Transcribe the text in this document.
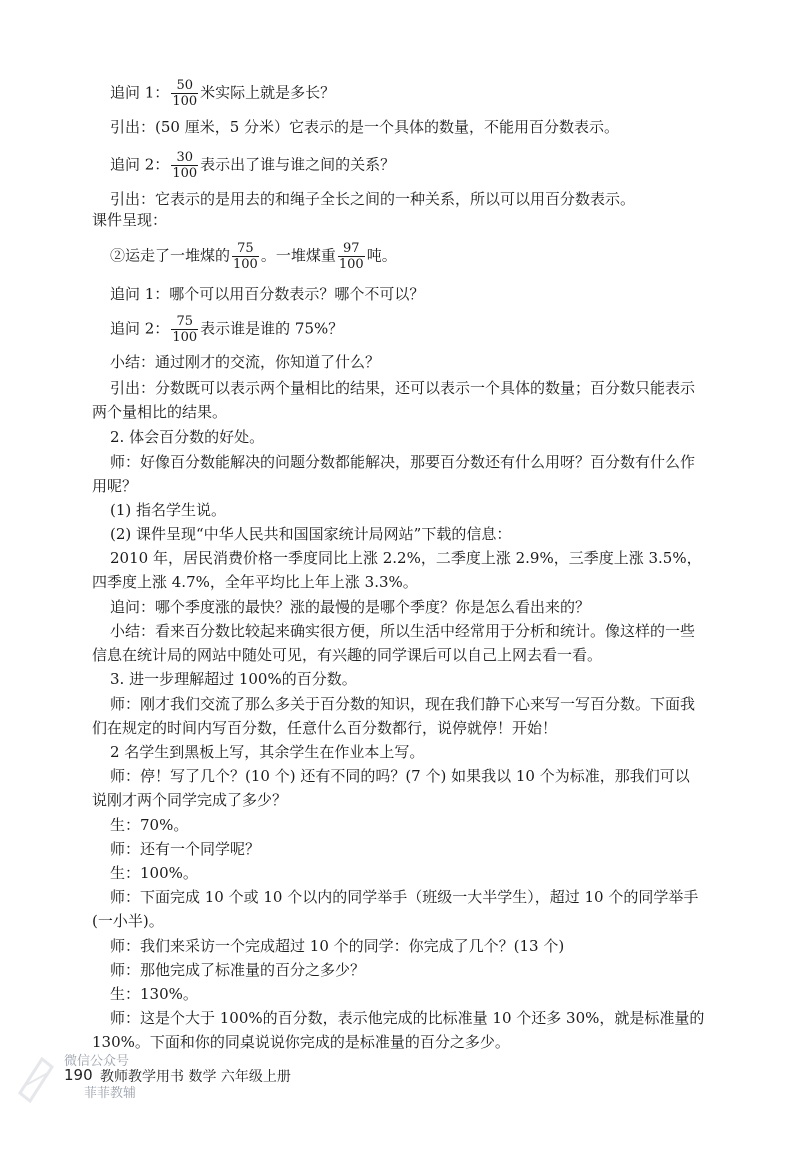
追问 1： $\frac{50}{100}$ 米实际上就是多长？
引出：(50 厘米，5 分米）它表示的是一个具体的数量，不能用百分数表示。
追问 2： $\frac{30}{100}$ 表示出了谁与谁之间的关系？
引出：它表示的是用去的和绳子全长之间的一种关系，所以可以用百分数表示。
课件呈现：
②运走了一堆煤的 $\frac{75}{100}$ 。一堆煤重 $\frac{97}{100}$ 吨。
追问 1：哪个可以用百分数表示？哪个不可以？
追问 2： $\frac{75}{100}$ 表示谁是谁的 75%？
小结：通过刚才的交流，你知道了什么？
引出：分数既可以表示两个量相比的结果，还可以表示一个具体的数量；百分数只能表示
两个量相比的结果。
2. 体会百分数的好处。
师：好像百分数能解决的问题分数都能解决，那要百分数还有什么用呀？百分数有什么作
用呢？
(1) 指名学生说。
(2) 课件呈现“中华人民共和国国家统计局网站”下载的信息：
2010 年，居民消费价格一季度同比上涨 2.2%，二季度上涨 2.9%，三季度上涨 3.5%，
四季度上涨 4.7%，全年平均比上年上涨 3.3%。
追问：哪个季度涨的最快？涨的最慢的是哪个季度？你是怎么看出来的？
小结：看来百分数比较起来确实很方便，所以生活中经常用于分析和统计。像这样的一些
信息在统计局的网站中随处可见，有兴趣的同学课后可以自己上网去看一看。
3. 进一步理解超过 100%的百分数。
师：刚才我们交流了那么多关于百分数的知识，现在我们静下心来写一写百分数。下面我
们在规定的时间内写百分数，任意什么百分数都行，说停就停！开始！
2 名学生到黑板上写，其余学生在作业本上写。
师：停！写了几个？(10 个) 还有不同的吗？(7 个) 如果我以 10 个为标准，那我们可以
说刚才两个同学完成了多少？
生：70%。
师：还有一个同学呢？
生：100%。
师：下面完成 10 个或 10 个以内的同学举手（班级一大半学生），超过 10 个的同学举手
(一小半)。
师：我们来采访一个完成超过 10 个的同学：你完成了几个？(13 个)
师：那他完成了标准量的百分之多少？
生：130%。
师：这是个大于 100%的百分数，表示他完成的比标准量 10 个还多 30%，就是标准量的
130%。下面和你的同桌说说你完成的是标准量的百分之多少。
微信公众号
菲菲教辅
190 教师教学用书 数学 六年级上册
